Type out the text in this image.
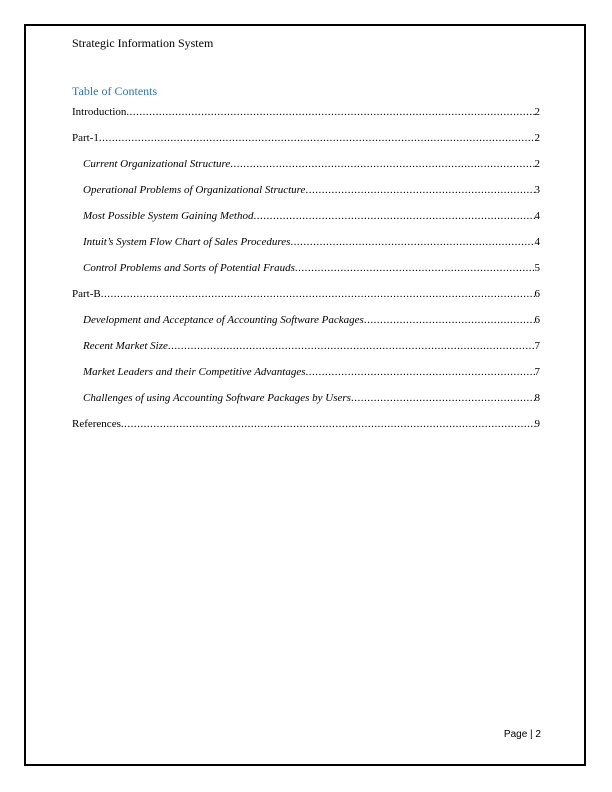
Strategic Information System
Table of Contents
Introduction .....	2
Part-1 .....	2
Current Organizational Structure .....	2
Operational Problems of Organizational Structure .....	3
Most Possible System Gaining Method .....	4
Intuit’s System Flow Chart of Sales Procedures .....	4
Control Problems and Sorts of Potential Frauds .....	5
Part-B .....	6
Development and Acceptance of Accounting Software Packages .....	6
Recent Market Size .....	7
Market Leaders and their Competitive Advantages .....	7
Challenges of using Accounting Software Packages by Users .....	8
References .....	9
Page | 2
